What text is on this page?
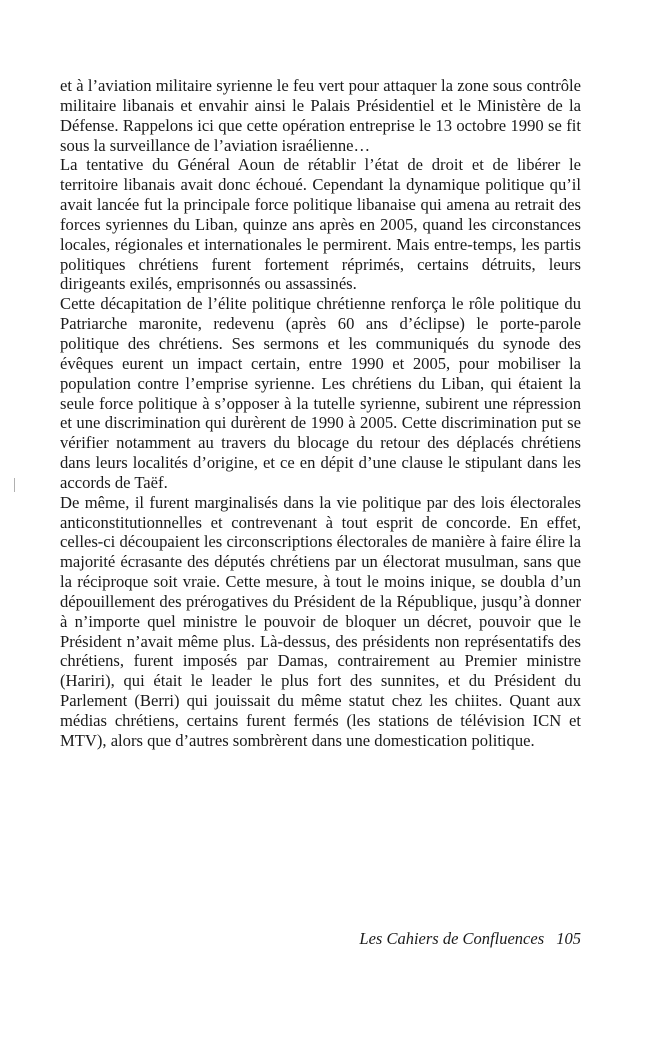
et à l’aviation militaire syrienne le feu vert pour attaquer la zone sous contrôle militaire libanais et envahir ainsi le Palais Présidentiel et le Ministère de la Défense. Rappelons ici que cette opération entreprise le 13 octobre 1990 se fit sous la surveillance de l’aviation israélienne…

La tentative du Général Aoun de rétablir l’état de droit et de libérer le territoire libanais avait donc échoué. Cependant la dynamique politique qu’il avait lancée fut la principale force politique libanaise qui amena au retrait des forces syriennes du Liban, quinze ans après en 2005, quand les circonstances locales, régionales et internationales le permirent. Mais entre-temps, les partis politiques chrétiens furent fortement réprimés, certains détruits, leurs dirigeants exilés, emprisonnés ou assassinés.

Cette décapitation de l’élite politique chrétienne renforça le rôle politique du Patriarche maronite, redevenu (après 60 ans d’éclipse) le porte-parole politique des chrétiens. Ses sermons et les communiqués du synode des évêques eurent un impact certain, entre 1990 et 2005, pour mobiliser la population contre l’emprise syrienne. Les chrétiens du Liban, qui étaient la seule force politique à s’opposer à la tutelle syrienne, subirent une répression et une discrimination qui durèrent de 1990 à 2005. Cette discrimination put se vérifier notamment au travers du blocage du retour des déplacés chrétiens dans leurs localités d’origine, et ce en dépit d’une clause le stipulant dans les accords de Taëf.

De même, il furent marginalisés dans la vie politique par des lois électorales anticonstitutionnelles et contrevenant à tout esprit de concorde. En effet, celles-ci découpaient les circonscriptions électorales de manière à faire élire la majorité écrasante des députés chrétiens par un électorat musulman, sans que la réciproque soit vraie. Cette mesure, à tout le moins inique, se doubla d’un dépouillement des prérogatives du Président de la République, jusqu’à donner à n’importe quel ministre le pouvoir de bloquer un décret, pouvoir que le Président n’avait même plus. Là-dessus, des présidents non représentatifs des chrétiens, furent imposés par Damas, contrairement au Premier ministre (Hariri), qui était le leader le plus fort des sunnites, et du Président du Parlement (Berri) qui jouissait du même statut chez les chiites. Quant aux médias chrétiens, certains furent fermés (les stations de télévision ICN et MTV), alors que d’autres sombrèrent dans une domestication politique.

Les Cahiers de Confluences 105
